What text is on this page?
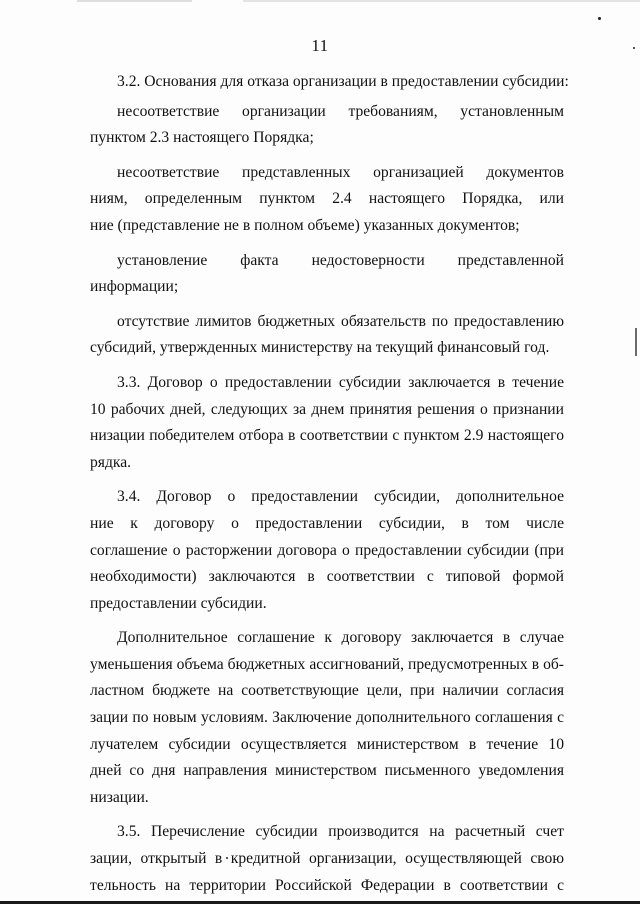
11
3.2. Основания для отказа организации в предоставлении субсидии:
несоответствие организации требованиям, установленным
пунктом 2.3 настоящего Порядка;
несоответствие представленных организацией документов
ниям, определенным пунктом 2.4 настоящего Порядка, или
ние (представление не в полном объеме) указанных документов;
установление факта недостоверности представленной
информации;
отсутствие лимитов бюджетных обязательств по предоставлению
субсидий, утвержденных министерству на текущий финансовый год.
3.3. Договор о предоставлении субсидии заключается в течение
10 рабочих дней, следующих за днем принятия решения о признании
низации победителем отбора в соответствии с пунктом 2.9 настоящего
рядка.
3.4. Договор о предоставлении субсидии, дополнительное
ние к договору о предоставлении субсидии, в том числе
соглашение о расторжении договора о предоставлении субсидии (при
необходимости) заключаются в соответствии с типовой формой
предоставлении субсидии.
Дополнительное соглашение к договору заключается в случае
уменьшения объема бюджетных ассигнований, предусмотренных в об-
ластном бюджете на соответствующие цели, при наличии согласия
зации по новым условиям. Заключение дополнительного соглашения с
лучателем субсидии осуществляется министерством в течение 10
дней со дня направления министерством письменного уведомления
низации.
3.5. Перечисление субсидии производится на расчетный счет
зации, открытый в кредитной организации, осуществляющей свою
тельность на территории Российской Федерации в соответствии с
